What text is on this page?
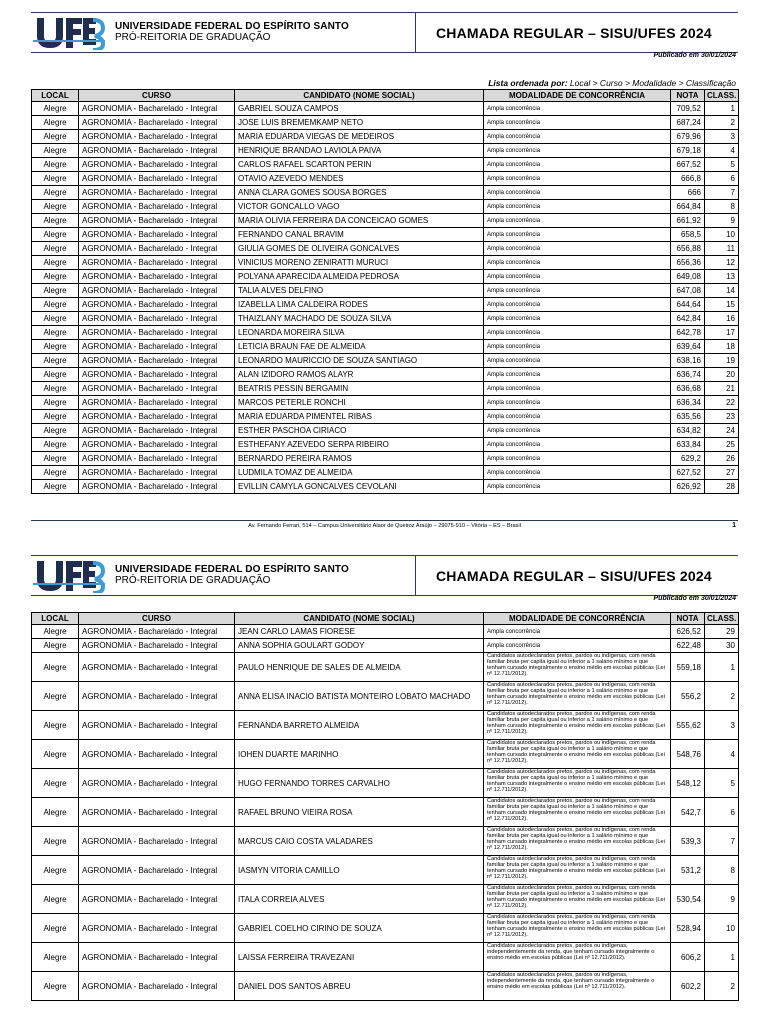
UNIVERSIDADE FEDERAL DO ESPÍRITO SANTO
PRÓ-REITORIA DE GRADUAÇÃO	CHAMADA REGULAR – SISU/UFES 2024
Publicado em 30/01/2024
Lista ordenada por: Local > Curso > Modalidade > Classificação
LOCAL	CURSO	CANDIDATO (NOME SOCIAL)	MODALIDADE DE CONCORRÊNCIA	NOTA	CLASS.
Alegre	AGRONOMIA - Bacharelado - Integral	GABRIEL SOUZA CAMPOS	Ampla concorrência	709,52	1
Alegre	AGRONOMIA - Bacharelado - Integral	JOSE LUIS BREMEMKAMP NETO	Ampla concorrência	687,24	2
Alegre	AGRONOMIA - Bacharelado - Integral	MARIA EDUARDA VIEGAS DE MEDEIROS	Ampla concorrência	679,96	3
Alegre	AGRONOMIA - Bacharelado - Integral	HENRIQUE BRANDAO LAVIOLA PAIVA	Ampla concorrência	679,18	4
Alegre	AGRONOMIA - Bacharelado - Integral	CARLOS RAFAEL SCARTON PERIN	Ampla concorrência	667,52	5
Alegre	AGRONOMIA - Bacharelado - Integral	OTAVIO AZEVEDO MENDES	Ampla concorrência	666,8	6
Alegre	AGRONOMIA - Bacharelado - Integral	ANNA CLARA GOMES SOUSA BORGES	Ampla concorrência	666	7
Alegre	AGRONOMIA - Bacharelado - Integral	VICTOR GONCALLO VAGO	Ampla concorrência	664,84	8
Alegre	AGRONOMIA - Bacharelado - Integral	MARIA OLIVIA FERREIRA DA CONCEICAO GOMES	Ampla concorrência	661,92	9
Alegre	AGRONOMIA - Bacharelado - Integral	FERNANDO CANAL BRAVIM	Ampla concorrência	658,5	10
Alegre	AGRONOMIA - Bacharelado - Integral	GIULIA GOMES DE OLIVEIRA GONCALVES	Ampla concorrência	656,88	11
Alegre	AGRONOMIA - Bacharelado - Integral	VINICIUS MORENO ZENIRATTI MURUCI	Ampla concorrência	656,36	12
Alegre	AGRONOMIA - Bacharelado - Integral	POLYANA APARECIDA ALMEIDA PEDROSA	Ampla concorrência	649,08	13
Alegre	AGRONOMIA - Bacharelado - Integral	TALIA ALVES DELFINO	Ampla concorrência	647,08	14
Alegre	AGRONOMIA - Bacharelado - Integral	IZABELLA LIMA CALDEIRA RODES	Ampla concorrência	644,64	15
Alegre	AGRONOMIA - Bacharelado - Integral	THAIZLANY MACHADO DE SOUZA SILVA	Ampla concorrência	642,84	16
Alegre	AGRONOMIA - Bacharelado - Integral	LEONARDA MOREIRA SILVA	Ampla concorrência	642,78	17
Alegre	AGRONOMIA - Bacharelado - Integral	LETICIA BRAUN FAE DE ALMEIDA	Ampla concorrência	639,64	18
Alegre	AGRONOMIA - Bacharelado - Integral	LEONARDO MAURICCIO DE SOUZA SANTIAGO	Ampla concorrência	638,16	19
Alegre	AGRONOMIA - Bacharelado - Integral	ALAN IZIDORO RAMOS ALAYR	Ampla concorrência	636,74	20
Alegre	AGRONOMIA - Bacharelado - Integral	BEATRIS PESSIN BERGAMIN	Ampla concorrência	636,68	21
Alegre	AGRONOMIA - Bacharelado - Integral	MARCOS PETERLE RONCHI	Ampla concorrência	636,34	22
Alegre	AGRONOMIA - Bacharelado - Integral	MARIA EDUARDA PIMENTEL RIBAS	Ampla concorrência	635,56	23
Alegre	AGRONOMIA - Bacharelado - Integral	ESTHER PASCHOA CIRIACO	Ampla concorrência	634,82	24
Alegre	AGRONOMIA - Bacharelado - Integral	ESTHEFANY AZEVEDO SERPA RIBEIRO	Ampla concorrência	633,84	25
Alegre	AGRONOMIA - Bacharelado - Integral	BERNARDO PEREIRA RAMOS	Ampla concorrência	629,2	26
Alegre	AGRONOMIA - Bacharelado - Integral	LUDMILA TOMAZ DE ALMEIDA	Ampla concorrência	627,52	27
Alegre	AGRONOMIA - Bacharelado - Integral	EVILLIN CAMYLA GONCALVES CEVOLANI	Ampla concorrência	626,92	28
Av. Fernando Ferrari, 514 – Campus Universitário Alaor de Queiroz Araújo – 29075-910 – Vitória – ES – Brasil	1
UNIVERSIDADE FEDERAL DO ESPÍRITO SANTO
PRÓ-REITORIA DE GRADUAÇÃO	CHAMADA REGULAR – SISU/UFES 2024
Publicado em 30/01/2024
LOCAL	CURSO	CANDIDATO (NOME SOCIAL)	MODALIDADE DE CONCORRÊNCIA	NOTA	CLASS.
Alegre	AGRONOMIA - Bacharelado - Integral	JEAN CARLO LAMAS FIORESE	Ampla concorrência	626,52	29
Alegre	AGRONOMIA - Bacharelado - Integral	ANNA SOPHIA GOULART GODOY	Ampla concorrência	622,48	30
Alegre	AGRONOMIA - Bacharelado - Integral	PAULO HENRIQUE DE SALES DE ALMEIDA	Candidatos autodeclarados pretos, pardos ou indígenas, com renda familiar bruta per capita igual ou inferior a 1 salário mínimo e que tenham cursado integralmente o ensino médio em escolas públicas (Lei nº 12.711/2012).	559,18	1
Alegre	AGRONOMIA - Bacharelado - Integral	ANNA ELISA INACIO BATISTA MONTEIRO LOBATO MACHADO	Candidatos autodeclarados pretos, pardos ou indígenas, com renda familiar bruta per capita igual ou inferior a 1 salário mínimo e que tenham cursado integralmente o ensino médio em escolas públicas (Lei nº 12.711/2012).	556,2	2
Alegre	AGRONOMIA - Bacharelado - Integral	FERNANDA BARRETO ALMEIDA	Candidatos autodeclarados pretos, pardos ou indígenas, com renda familiar bruta per capita igual ou inferior a 1 salário mínimo e que tenham cursado integralmente o ensino médio em escolas públicas (Lei nº 12.711/2012).	555,62	3
Alegre	AGRONOMIA - Bacharelado - Integral	IOHEN DUARTE MARINHO	Candidatos autodeclarados pretos, pardos ou indígenas, com renda familiar bruta per capita igual ou inferior a 1 salário mínimo e que tenham cursado integralmente o ensino médio em escolas públicas (Lei nº 12.711/2012).	548,76	4
Alegre	AGRONOMIA - Bacharelado - Integral	HUGO FERNANDO TORRES CARVALHO	Candidatos autodeclarados pretos, pardos ou indígenas, com renda familiar bruta per capita igual ou inferior a 1 salário mínimo e que tenham cursado integralmente o ensino médio em escolas públicas (Lei nº 12.711/2012).	548,12	5
Alegre	AGRONOMIA - Bacharelado - Integral	RAFAEL BRUNO VIEIRA ROSA	Candidatos autodeclarados pretos, pardos ou indígenas, com renda familiar bruta per capita igual ou inferior a 1 salário mínimo e que tenham cursado integralmente o ensino médio em escolas públicas (Lei nº 12.711/2012).	542,7	6
Alegre	AGRONOMIA - Bacharelado - Integral	MARCUS CAIO COSTA VALADARES	Candidatos autodeclarados pretos, pardos ou indígenas, com renda familiar bruta per capita igual ou inferior a 1 salário mínimo e que tenham cursado integralmente o ensino médio em escolas públicas (Lei nº 12.711/2012).	539,3	7
Alegre	AGRONOMIA - Bacharelado - Integral	IASMYN VITORIA CAMILLO	Candidatos autodeclarados pretos, pardos ou indígenas, com renda familiar bruta per capita igual ou inferior a 1 salário mínimo e que tenham cursado integralmente o ensino médio em escolas públicas (Lei nº 12.711/2012).	531,2	8
Alegre	AGRONOMIA - Bacharelado - Integral	ITALA CORREIA ALVES	Candidatos autodeclarados pretos, pardos ou indígenas, com renda familiar bruta per capita igual ou inferior a 1 salário mínimo e que tenham cursado integralmente o ensino médio em escolas públicas (Lei nº 12.711/2012).	530,54	9
Alegre	AGRONOMIA - Bacharelado - Integral	GABRIEL COELHO CIRINO DE SOUZA	Candidatos autodeclarados pretos, pardos ou indígenas, com renda familiar bruta per capita igual ou inferior a 1 salário mínimo e que tenham cursado integralmente o ensino médio em escolas públicas (Lei nº 12.711/2012).	528,94	10
Alegre	AGRONOMIA - Bacharelado - Integral	LAISSA FERREIRA TRAVEZANI	Candidatos autodeclarados pretos, pardos ou indígenas, independentemente da renda, que tenham cursado integralmente o ensino médio em escolas públicas (Lei nº 12.711/2012).	606,2	1
Alegre	AGRONOMIA - Bacharelado - Integral	DANIEL DOS SANTOS ABREU	Candidatos autodeclarados pretos, pardos ou indígenas, independentemente da renda, que tenham cursado integralmente o ensino médio em escolas públicas (Lei nº 12.711/2012).	602,2	2
